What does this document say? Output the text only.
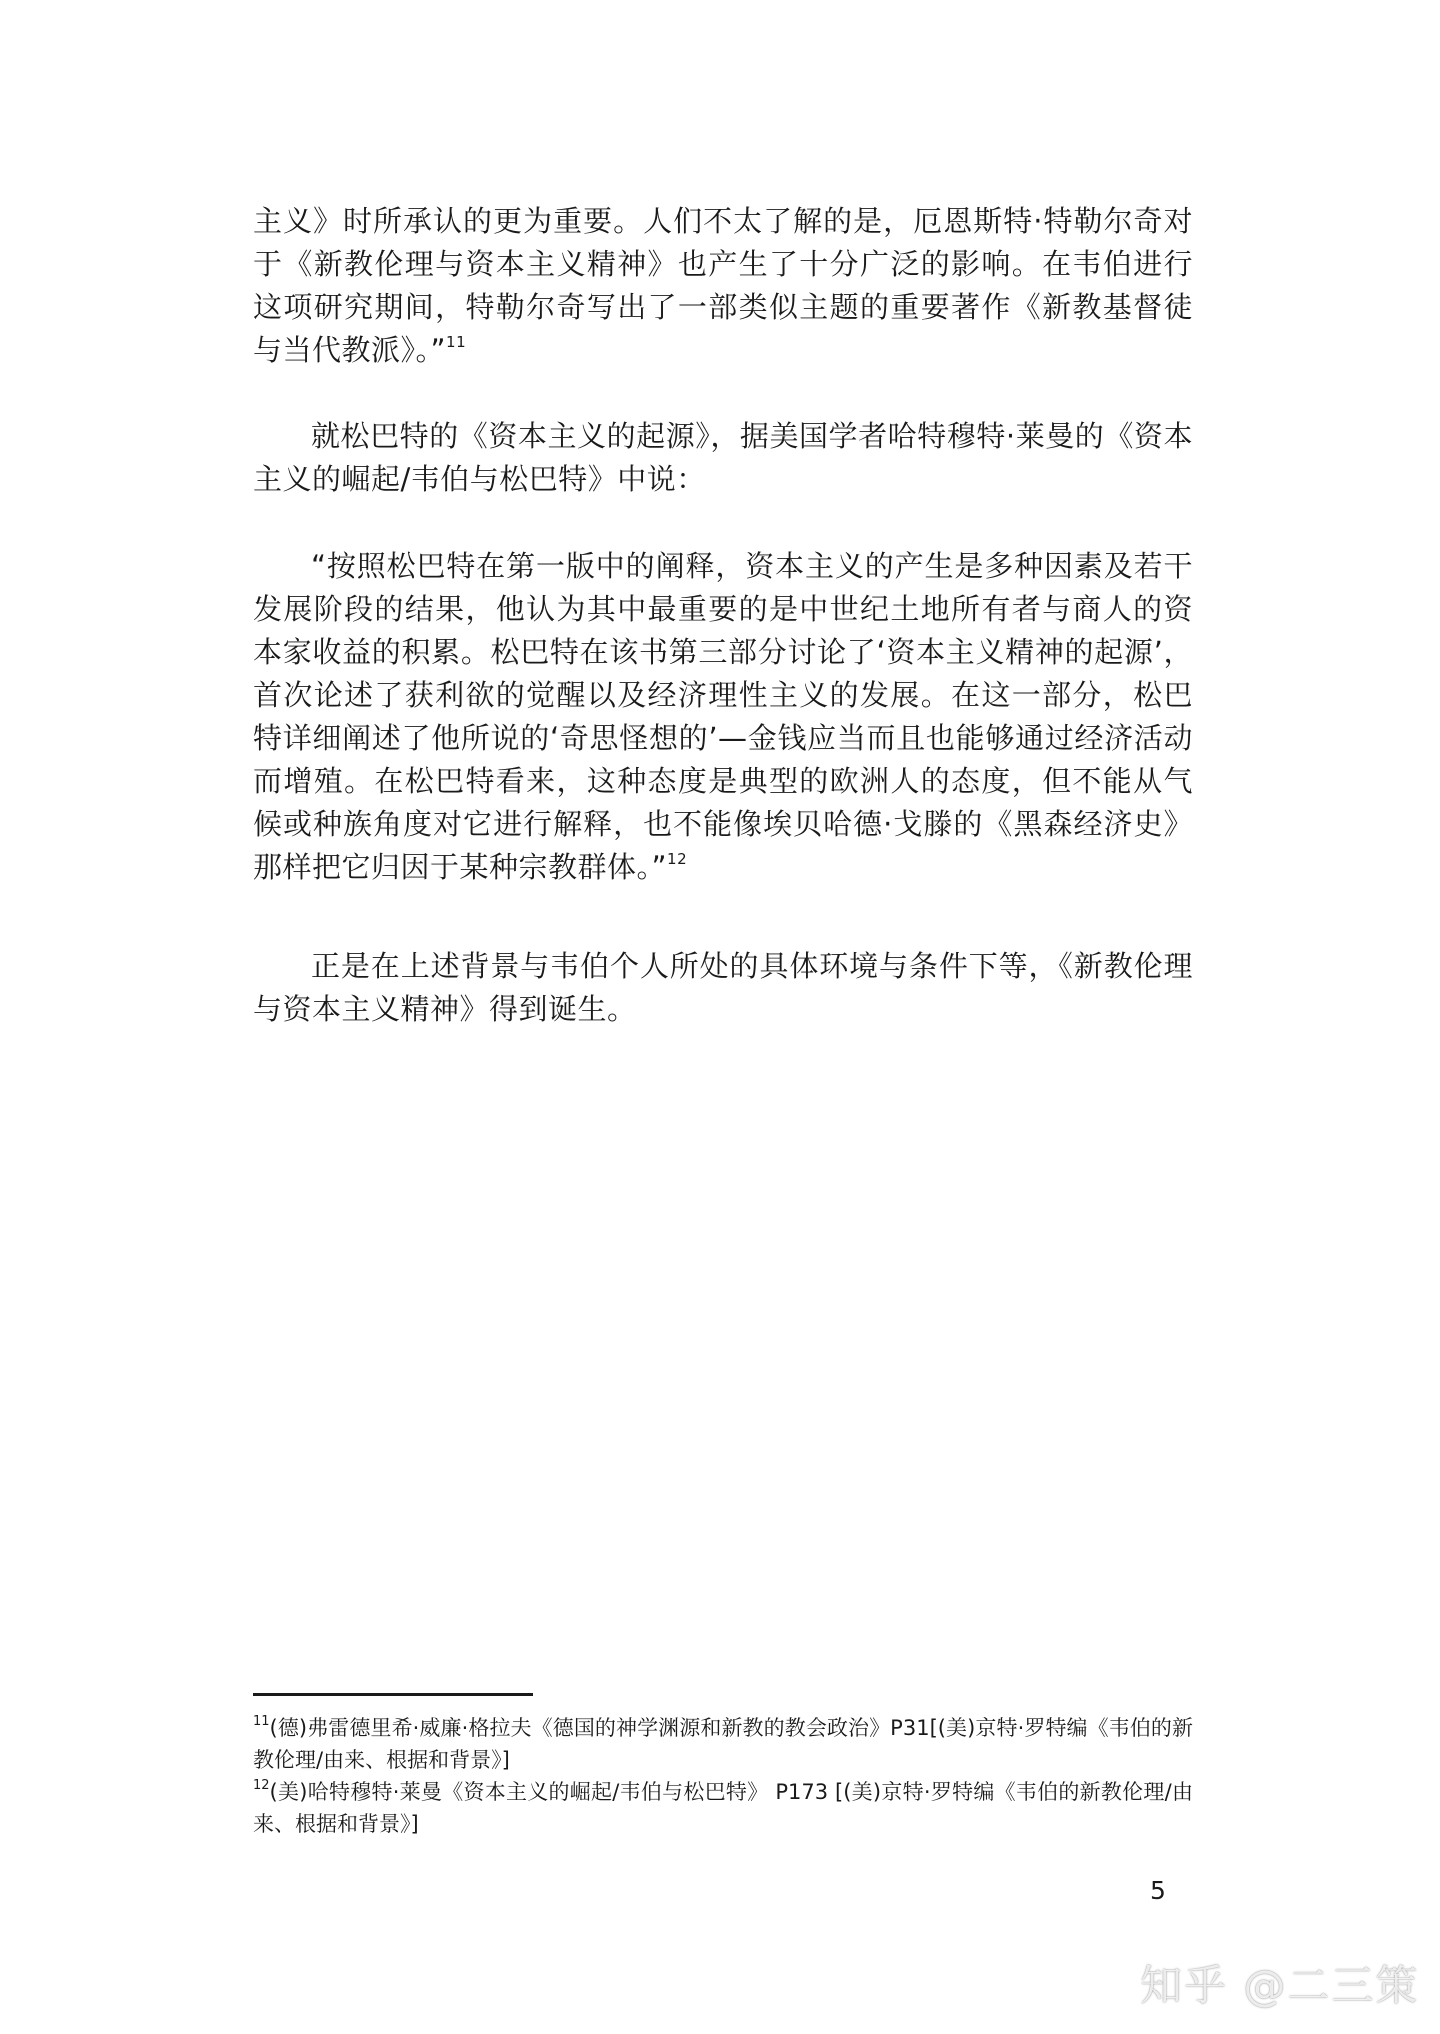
主义》时所承认的更为重要。人们不太了解的是，厄恩斯特·特勒尔奇对于《新教伦理与资本主义精神》也产生了十分广泛的影响。在韦伯进行这项研究期间，特勒尔奇写出了一部类似主题的重要著作《新教基督徒与当代教派》。”$^{11}$

就松巴特的《资本主义的起源》，据美国学者哈特穆特·莱曼的《资本主义的崛起/韦伯与松巴特》中说：

“按照松巴特在第一版中的阐释，资本主义的产生是多种因素及若干发展阶段的结果，他认为其中最重要的是中世纪土地所有者与商人的资本家收益的积累。松巴特在该书第三部分讨论了‘资本主义精神的起源’，首次论述了获利欲的觉醒以及经济理性主义的发展。在这一部分，松巴特详细阐述了他所说的‘奇思怪想的’—金钱应当而且也能够通过经济活动而增殖。在松巴特看来，这种态度是典型的欧洲人的态度，但不能从气候或种族角度对它进行解释，也不能像埃贝哈德·戈滕的《黑森经济史》那样把它归因于某种宗教群体。”$^{12}$

正是在上述背景与韦伯个人所处的具体环境与条件下等，《新教伦理与资本主义精神》得到诞生。

$^{11}$(德)弗雷德里希·威廉·格拉夫《德国的神学渊源和新教的教会政治》P31[(美)京特·罗特编《韦伯的新教伦理/由来、根据和背景》]

$^{12}$(美)哈特穆特·莱曼《资本主义的崛起/韦伯与松巴特》 P173 [(美)京特·罗特编《韦伯的新教伦理/由来、根据和背景》]

5
知乎 @二三策
